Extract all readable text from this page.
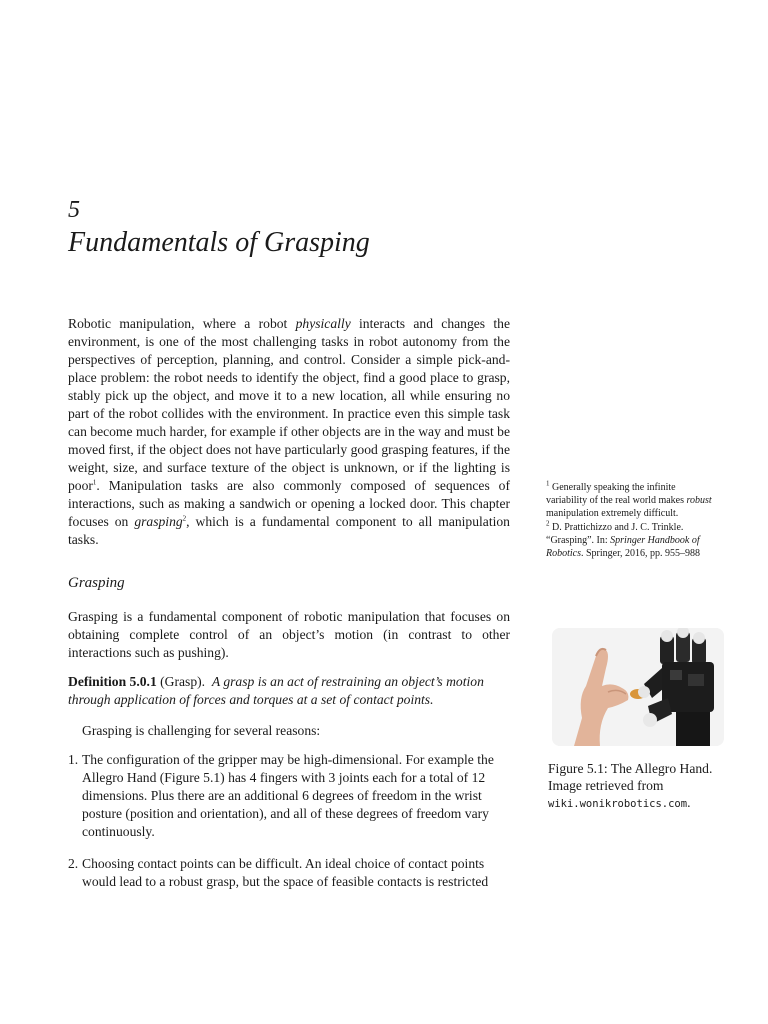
5
Fundamentals of Grasping
Robotic manipulation, where a robot physically interacts and changes the environment, is one of the most challenging tasks in robot autonomy from the perspectives of perception, planning, and control. Consider a simple pick-and-place problem: the robot needs to identify the object, find a good place to grasp, stably pick up the object, and move it to a new location, all while ensuring no part of the robot collides with the environment. In practice even this simple task can become much harder, for example if other objects are in the way and must be moved first, if the object does not have particularly good grasping features, if the weight, size, and surface texture of the object is unknown, or if the lighting is poor$^1$. Manipulation tasks are also commonly composed of sequences of interactions, such as making a sandwich or opening a locked door. This chapter focuses on grasping$^2$, which is a fundamental component to all manipulation tasks.
$^1$ Generally speaking the infinite variability of the real world makes robust manipulation extremely difficult.
$^2$ D. Prattichizzo and J. C. Trinkle. “Grasping”. In: Springer Handbook of Robotics. Springer, 2016, pp. 955–988
Grasping
Grasping is a fundamental component of robotic manipulation that focuses on obtaining complete control of an object’s motion (in contrast to other interactions such as pushing).
Definition 5.0.1 (Grasp). A grasp is an act of restraining an object’s motion through application of forces and torques at a set of contact points.
Grasping is challenging for several reasons:
1. The configuration of the gripper may be high-dimensional. For example the Allegro Hand (Figure 5.1) has 4 fingers with 3 joints each for a total of 12 dimensions. Plus there are an additional 6 degrees of freedom in the wrist posture (position and orientation), and all of these degrees of freedom vary continuously.
2. Choosing contact points can be difficult. An ideal choice of contact points would lead to a robust grasp, but the space of feasible contacts is restricted
Figure 5.1: The Allegro Hand. Image retrieved from wiki.wonikrobotics.com.
